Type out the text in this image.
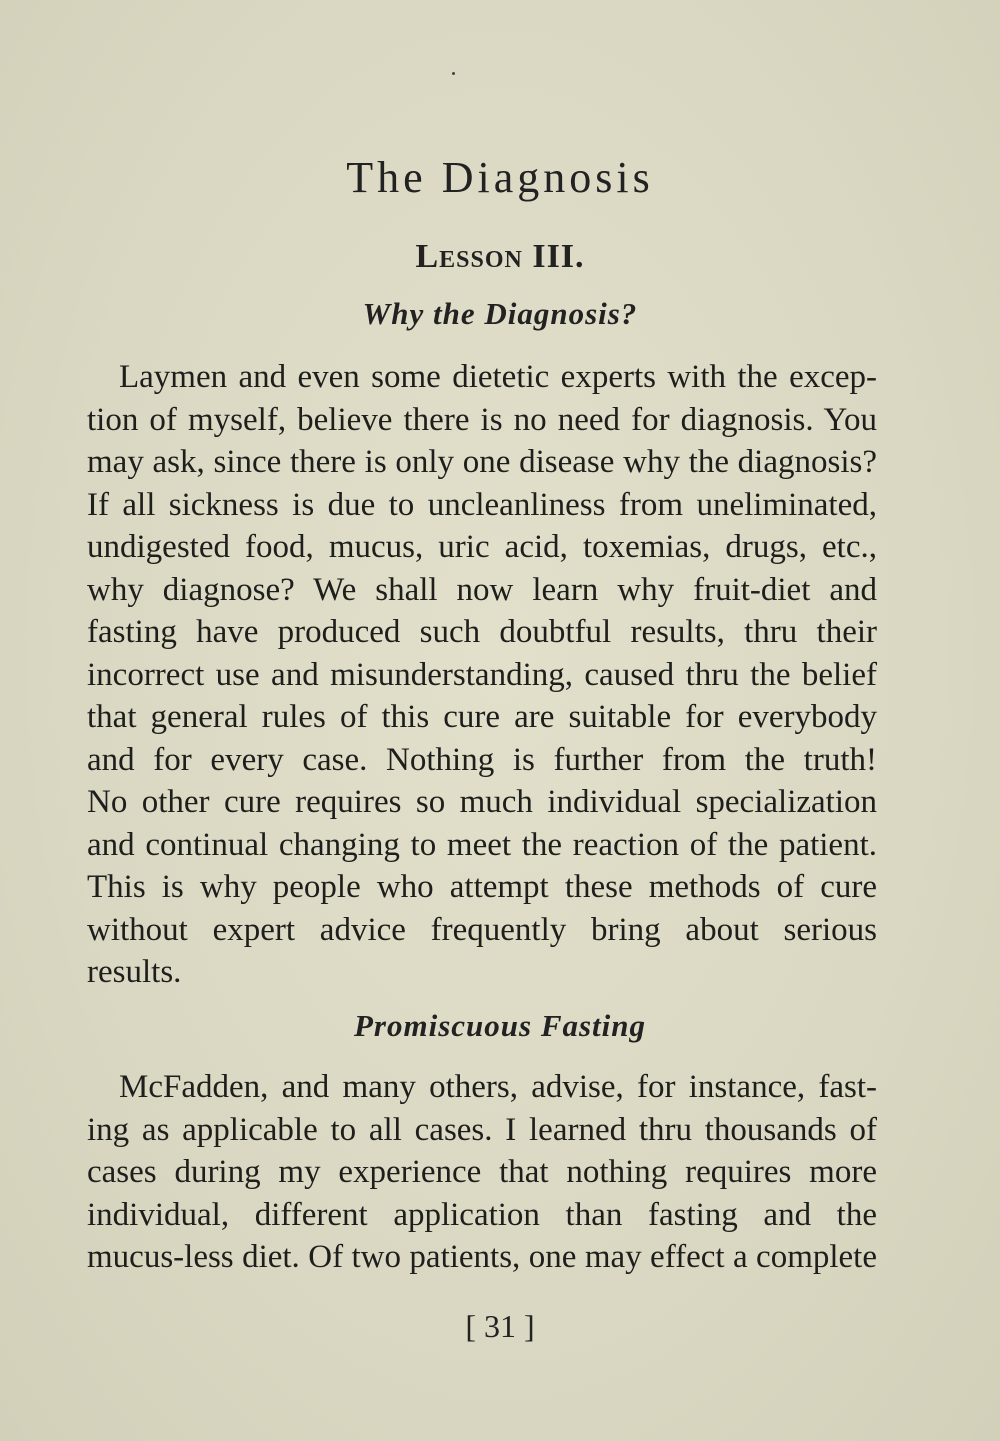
The Diagnosis
Lesson III.
Why the Diagnosis?
Laymen and even some dietetic experts with the excep-
tion of myself, believe there is no need for diagnosis. You
may ask, since there is only one disease why the diagnosis?
If all sickness is due to uncleanliness from uneliminated,
undigested food, mucus, uric acid, toxemias, drugs, etc.,
why diagnose? We shall now learn why fruit-diet and
fasting have produced such doubtful results, thru their
incorrect use and misunderstanding, caused thru the belief
that general rules of this cure are suitable for everybody
and for every case. Nothing is further from the truth!
No other cure requires so much individual specialization
and continual changing to meet the reaction of the patient.
This is why people who attempt these methods of cure
without expert advice frequently bring about serious
results.
Promiscuous Fasting
McFadden, and many others, advise, for instance, fast-
ing as applicable to all cases. I learned thru thousands of
cases during my experience that nothing requires more
individual, different application than fasting and the
mucus-less diet. Of two patients, one may effect a complete
[ 31 ]
